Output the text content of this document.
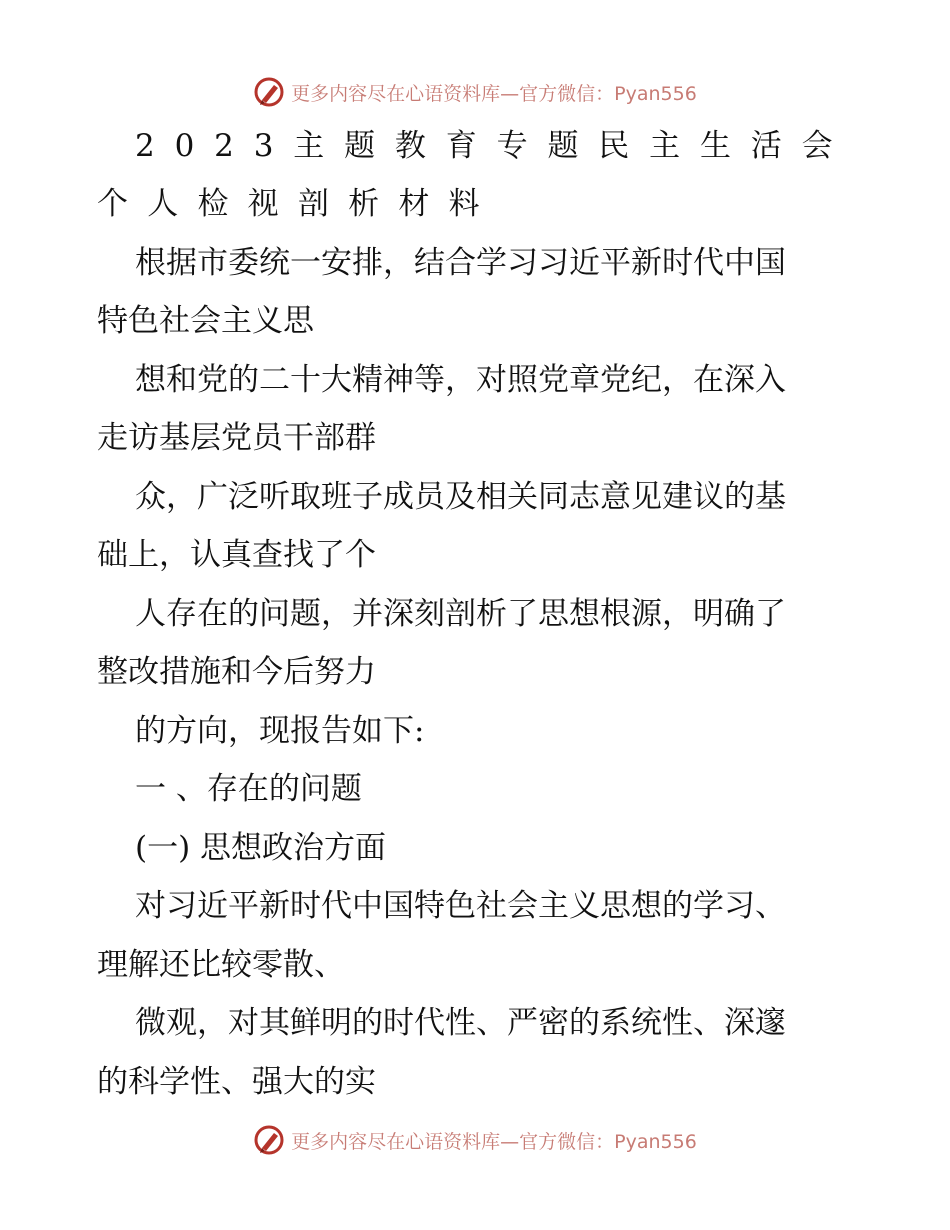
更多内容尽在心语资料库—官方微信：Pyan556
2023主题教育专题民主生活会
个人检视剖析材料
根据市委统一安排，结合学习习近平新时代中国
特色社会主义思
想和党的二十大精神等，对照党章党纪，在深入
走访基层党员干部群
众，广泛听取班子成员及相关同志意见建议的基
础上，认真查找了个
人存在的问题，并深刻剖析了思想根源，明确了
整改措施和今后努力
的方向，现报告如下:
一 、存在的问题
(一) 思想政治方面
对习近平新时代中国特色社会主义思想的学习、
理解还比较零散、
微观，对其鲜明的时代性、严密的系统性、深邃
的科学性、强大的实
更多内容尽在心语资料库—官方微信：Pyan556
